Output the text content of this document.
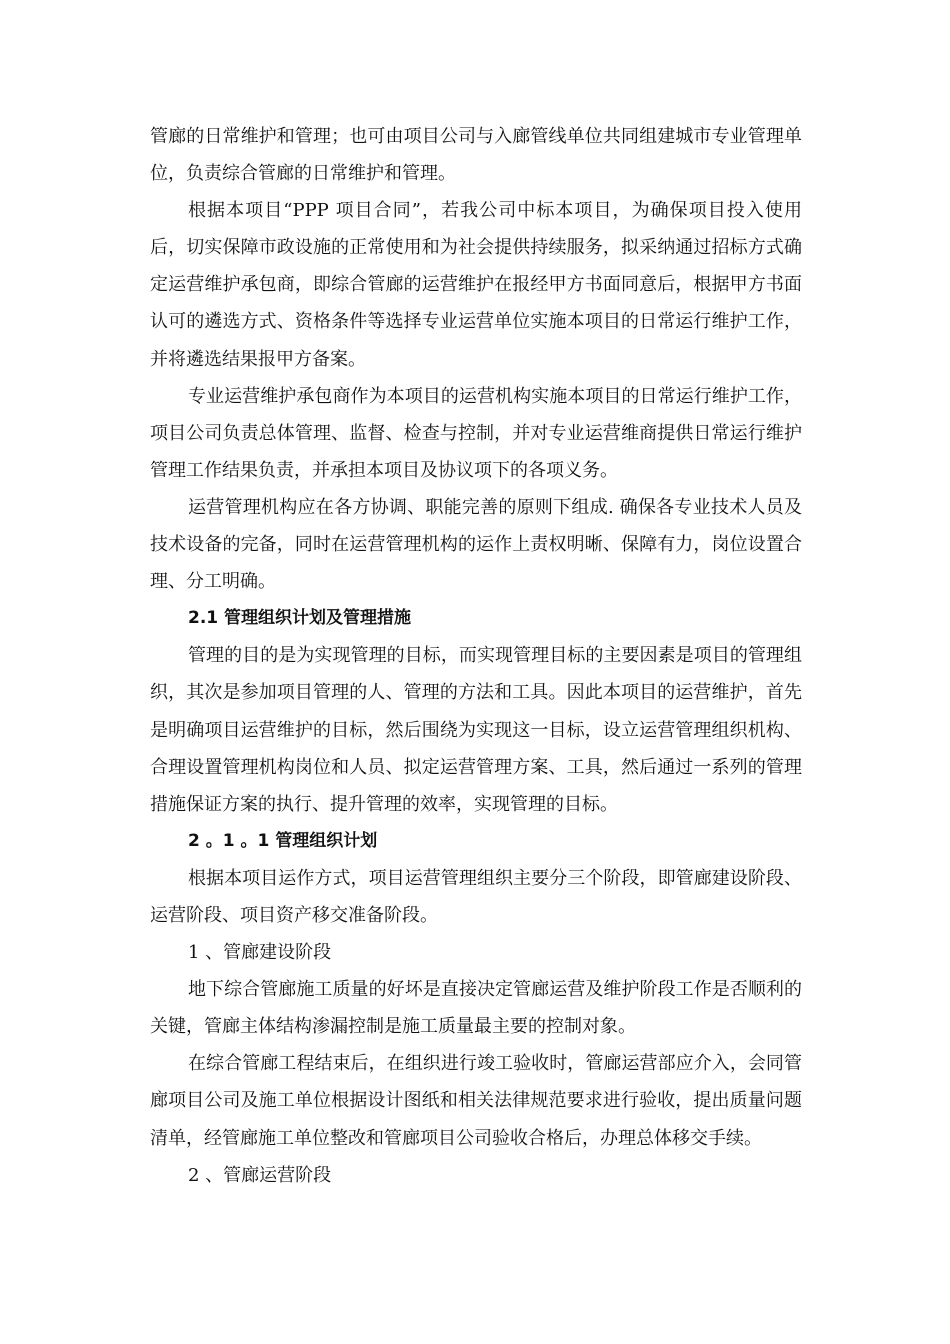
管廊的日常维护和管理；也可由项目公司与入廊管线单位共同组建城市专业管理单位，负责综合管廊的日常维护和管理。

根据本项目“PPP 项目合同”，若我公司中标本项目，为确保项目投入使用后，切实保障市政设施的正常使用和为社会提供持续服务，拟采纳通过招标方式确定运营维护承包商，即综合管廊的运营维护在报经甲方书面同意后，根据甲方书面认可的遴选方式、资格条件等选择专业运营单位实施本项目的日常运行维护工作，并将遴选结果报甲方备案。

专业运营维护承包商作为本项目的运营机构实施本项目的日常运行维护工作，项目公司负责总体管理、监督、检查与控制，并对专业运营维商提供日常运行维护管理工作结果负责，并承担本项目及协议项下的各项义务。

运营管理机构应在各方协调、职能完善的原则下组成. 确保各专业技术人员及技术设备的完备，同时在运营管理机构的运作上责权明晰、保障有力，岗位设置合理、分工明确。

2.1 管理组织计划及管理措施

管理的目的是为实现管理的目标，而实现管理目标的主要因素是项目的管理组织，其次是参加项目管理的人、管理的方法和工具。因此本项目的运营维护，首先是明确项目运营维护的目标，然后围绕为实现这一目标，设立运营管理组织机构、合理设置管理机构岗位和人员、拟定运营管理方案、工具，然后通过一系列的管理措施保证方案的执行、提升管理的效率，实现管理的目标。

2 。1 。1 管理组织计划

根据本项目运作方式，项目运营管理组织主要分三个阶段，即管廊建设阶段、运营阶段、项目资产移交准备阶段。

1 、管廊建设阶段

地下综合管廊施工质量的好坏是直接决定管廊运营及维护阶段工作是否顺利的关键，管廊主体结构渗漏控制是施工质量最主要的控制对象。

在综合管廊工程结束后，在组织进行竣工验收时，管廊运营部应介入，会同管廊项目公司及施工单位根据设计图纸和相关法律规范要求进行验收，提出质量问题清单，经管廊施工单位整改和管廊项目公司验收合格后，办理总体移交手续。

2 、管廊运营阶段
